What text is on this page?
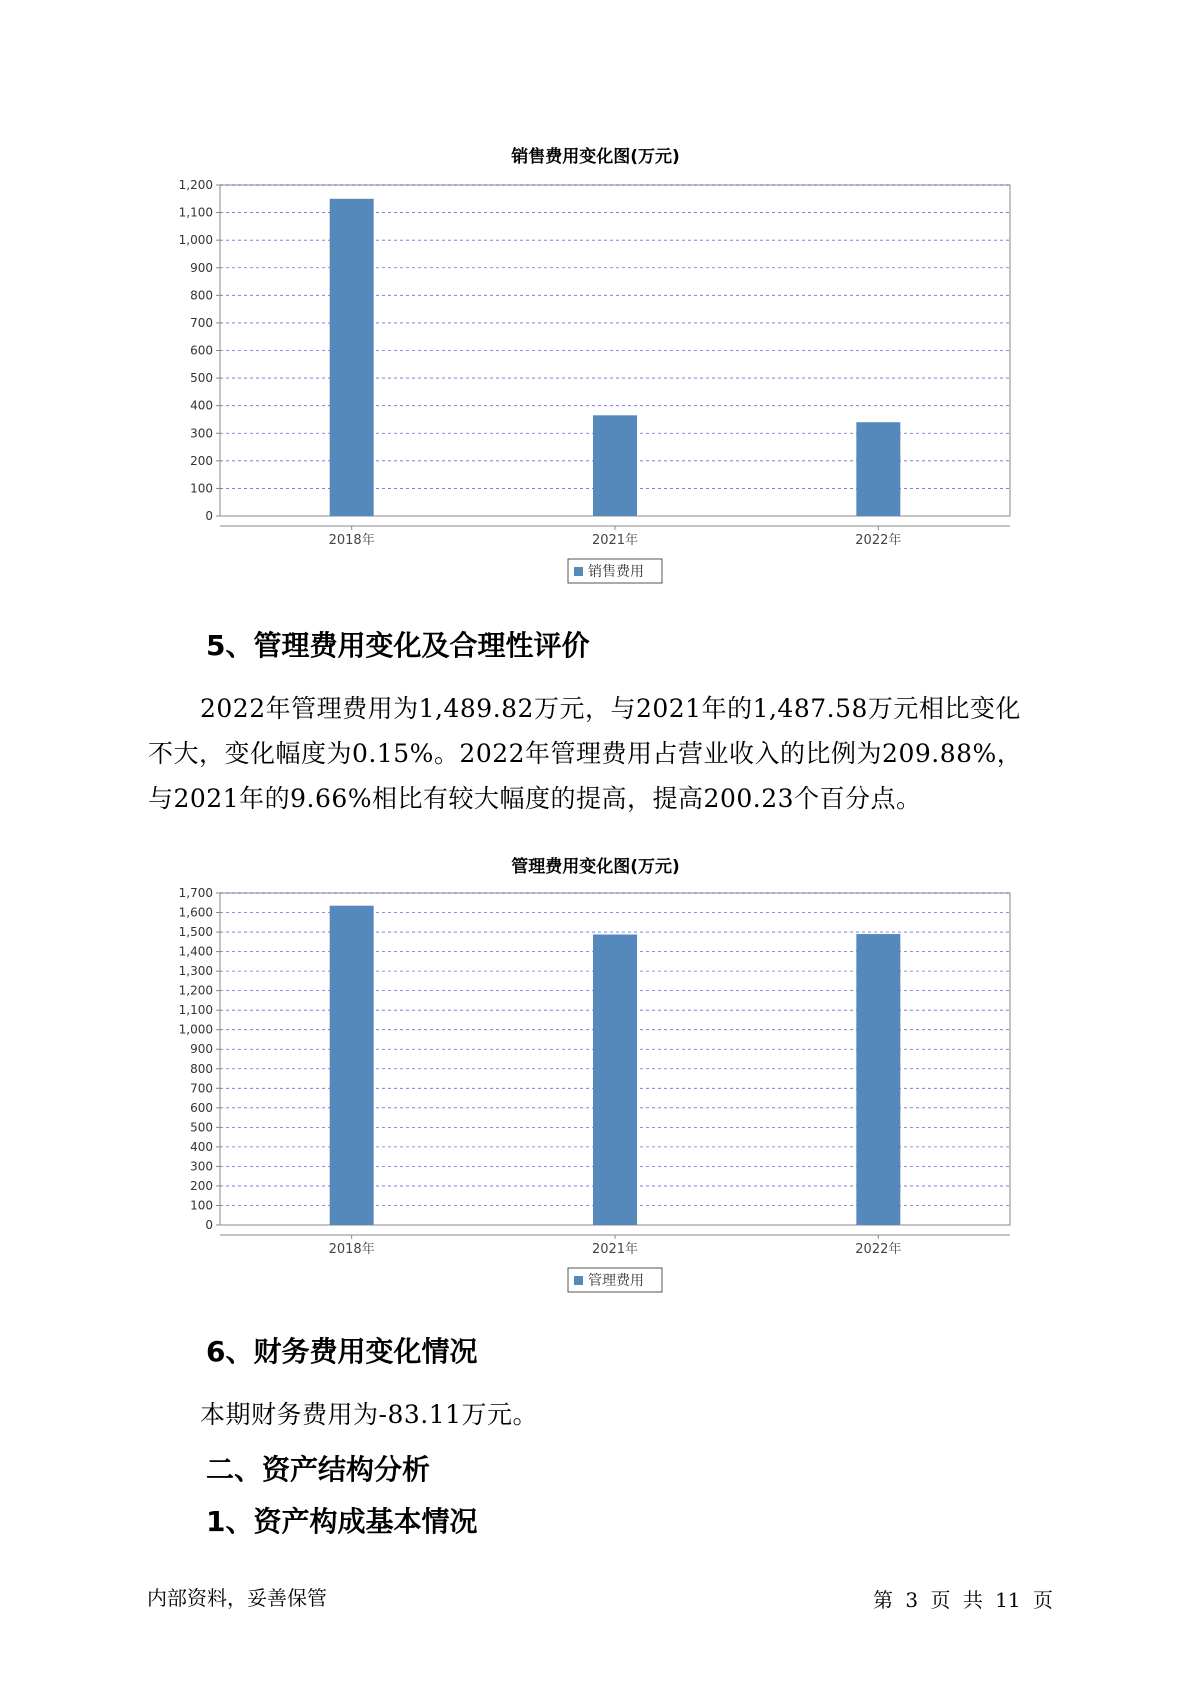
销售费用变化图(万元)
0
100
200
300
400
500
600
700
800
900
1,000
1,100
1,200
2018年	2021年	2022年
销售费用
5、管理费用变化及合理性评价
2022年管理费用为1,489.82万元，与2021年的1,487.58万元相比变化
不大，变化幅度为0.15%。2022年管理费用占营业收入的比例为209.88%，
与2021年的9.66%相比有较大幅度的提高，提高200.23个百分点。
管理费用变化图(万元)
0
100
200
300
400
500
600
700
800
900
1,000
1,100
1,200
1,300
1,400
1,500
1,600
1,700
2018年	2021年	2022年
管理费用
6、财务费用变化情况

本期财务费用为-83.11万元。

二、资产结构分析
1、资产构成基本情况
内部资料，妥善保管	第 3 页 共 11 页
